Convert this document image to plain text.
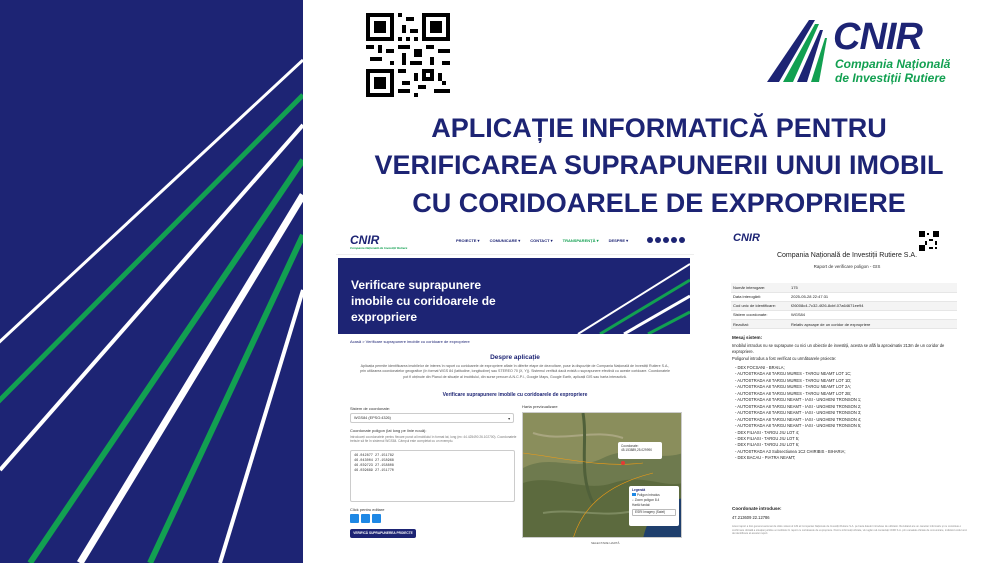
CNIR
Compania Națională
de Investiții Rutiere
APLICAȚIE INFORMATICĂ PENTRU
VERIFICAREA SUPRAPUNERII UNUI IMOBIL
CU CORIDOARELE DE EXPROPRIERE
CNIR
Compania Națională de Investiții Rutiere
PROIECTE ▾	COMUNICARE ▾	CONTACT ▾	TRANSPARENȚĂ ▾	DESPRE ▾
Verificare suprapunere imobile cu coridoarele de expropriere
Acasă > Verificare suprapunere imobile cu coridoare de expropriere
Despre aplicație
Aplicația permite identificarea imobilelor de interes în raport cu coridoarele de expropriere aflate în diferite etape de dezvoltare, puse la dispoziție de Compania Națională de Investiții Rutiere S.A., prin utilizarea coordonatelor geografice (în format WGS 84 (latitudine, longitudine) sau STEREO 70 (X, Y)). Sistemul verifică dacă există o suprapunere efectivă cu aceste coridoare. Coordonatele pot fi obținute din Planul de situație al imobilului, din surse precum A.N.C.P.I., Google Maps, Google Earth, aplicații GIS sau harta interactivă.
Verificare suprapunere imobile cu coridoarele de expropriere
Sistem de coordonate:
WGS84 (EPSG:4326)	▾
Coordonate poligon (lat long pe linie nouă):
Introduceți coordonatele pentru fiecare punct al imobilului în format lat, long (ex: 44.425490 26.102700). Coordonatele trebuie să fie în sistemul WGS84. Câmpul este completat cu un exemplu.
46.042877 27.151782
46.043004 27.158968
46.039723 27.158808
46.039689 27.151770
Click pentru editare
VERIFICĂ SUPRAPUNEREA PROIECTE
Harta previzualizare
Coordonate:
45.153889,25.029990
Legendă
Poligon introdus
⌕ Zoom poligon 8.4
Hartă fundal:
ESRI Imagery (Satel)
SELECTARE HARTĂ
CNIR
Compania Națională de Investiții Rutiere S.A.
Raport de verificare poligon - GIS
Număr interogare:	175
Data interogării:	2025-05-28 22:47:31
Cod unic de identificare:	f26008c4-7c32-4f26-8cbf-07a64671ee94
Sistem coordonate:	WGS84
Rezultat:	Relativ aproape de un coridor de expropriere
Mesaj sistem:
Imobilul introdus nu se suprapune cu nici un obiectiv de investiții, acesta se află la aproximativ 213m de un coridor de expropriere.
Poligonul introdus a fost verificat cu următoarele proiecte:
- DEX FOCSANI - BRAILA;
- AUTOSTRADA A8 TARGU MURES - TARGU NEAMT LOT 1C;
- AUTOSTRADA A8 TARGU MURES - TARGU NEAMT LOT 1D;
- AUTOSTRADA A8 TARGU MURES - TARGU NEAMT LOT 2A;
- AUTOSTRADA A8 TARGU MURES - TARGU NEAMT LOT 2B;
- AUTOSTRADA A8 TARGU NEAMT - IASI - UNGHENI TRONSON 1;
- AUTOSTRADA A8 TARGU NEAMT - IASI - UNGHENI TRONSON 2;
- AUTOSTRADA A8 TARGU NEAMT - IASI - UNGHENI TRONSON 3;
- AUTOSTRADA A8 TARGU NEAMT - IASI - UNGHENI TRONSON 4;
- AUTOSTRADA A8 TARGU NEAMT - IASI - UNGHENI TRONSON 5;
- DEX FILIASI - TARGU JIU LOT 4;
- DEX FILIASI - TARGU JIU LOT 5;
- DEX FILIASI - TARGU JIU LOT 6;
- AUTOSTRADA A3 Subsectiunea 1C2 CHIRIBIS - BIHARIA;
- DEX BACAU - PIATRA NEAMT;
Coordonate introduse:
47.213609 22.12786
Acest raport a fost generat automat de către sistemul GIS al Companiei Naționale de Investiții Rutiere S.A. pe baza datelor introduse de utilizator. Rezultatul are un caracter informativ și nu constituie o confirmare oficială a situației juridice a imobilului în raport cu coridoarele de expropriere. Pentru informații oficiale, vă rugăm să contactați CNIR S.A. prin canalele oficiale de comunicare, indicând codul unic de identificare al acestui raport.
